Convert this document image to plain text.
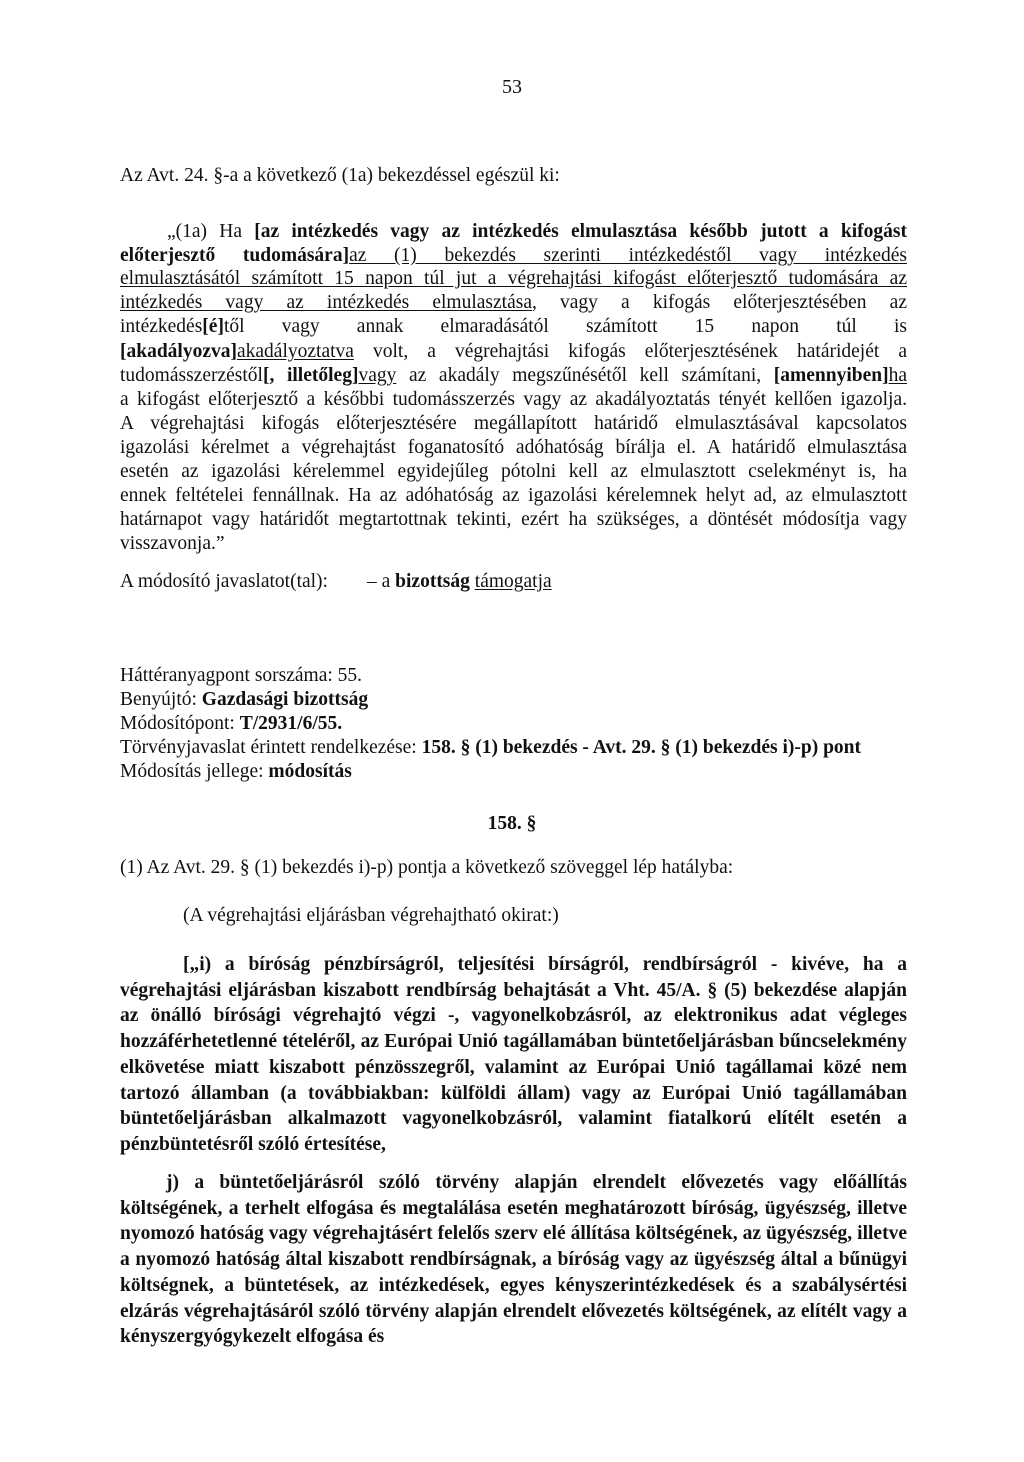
53
Az Avt. 24. §-a a következő (1a) bekezdéssel egészül ki:
„(1a) Ha [az intézkedés vagy az intézkedés elmulasztása később jutott a kifogást
előterjesztő tudomására]az (1) bekezdés szerinti intézkedéstől vagy intézkedés
elmulasztásától számított 15 napon túl jut a végrehajtási kifogást előterjesztő tudomására az
intézkedés vagy az intézkedés elmulasztása, vagy a kifogás előterjesztésében az
intézkedés[é]től vagy annak elmaradásától számított 15 napon túl is
[akadályozva]akadályoztatva volt, a végrehajtási kifogás előterjesztésének határidejét a
tudomásszerzéstől[, illetőleg]vagy az akadály megszűnésétől kell számítani, [amennyiben]ha
a kifogást előterjesztő a későbbi tudomásszerzés vagy az akadályoztatás tényét kellően igazolja.
A végrehajtási kifogás előterjesztésére megállapított határidő elmulasztásával kapcsolatos
igazolási kérelmet a végrehajtást foganatosító adóhatóság bírálja el. A határidő elmulasztása
esetén az igazolási kérelemmel egyidejűleg pótolni kell az elmulasztott cselekményt is, ha
ennek feltételei fennállnak. Ha az adóhatóság az igazolási kérelemnek helyt ad, az elmulasztott
határnapot vagy határidőt megtartottnak tekinti, ezért ha szükséges, a döntését módosítja vagy
visszavonja.”
A módosító javaslatot(tal): – a bizottság támogatja
Háttéranyagpont sorszáma: 55.
Benyújtó: Gazdasági bizottság
Módosítópont: T/2931/6/55.
Törvényjavaslat érintett rendelkezése: 158. § (1) bekezdés - Avt. 29. § (1) bekezdés i)-p) pont
Módosítás jellege: módosítás
158. §
(1) Az Avt. 29. § (1) bekezdés i)-p) pontja a következő szöveggel lép hatályba:
(A végrehajtási eljárásban végrehajtható okirat:)
[„i) a bíróság pénzbírságról, teljesítési bírságról, rendbírságról - kivéve, ha a végrehajtási eljárásban kiszabott rendbírság behajtását a Vht. 45/A. § (5) bekezdése alapján az önálló bírósági végrehajtó végzi -, vagyonelkobzásról, az elektronikus adat végleges hozzáférhetetlenné tételéről, az Európai Unió tagállamában büntetőeljárásban bűncselekmény elkövetése miatt kiszabott pénzösszegről, valamint az Európai Unió tagállamai közé nem tartozó államban (a továbbiakban: külföldi állam) vagy az Európai Unió tagállamában büntetőeljárásban alkalmazott vagyonelkobzásról, valamint fiatalkorú elítélt esetén a pénzbüntetésről szóló értesítése,
j) a büntetőeljárásról szóló törvény alapján elrendelt elővezetés vagy előállítás költségének, a terhelt elfogása és megtalálása esetén meghatározott bíróság, ügyészség, illetve nyomozó hatóság vagy végrehajtásért felelős szerv elé állítása költségének, az ügyészség, illetve a nyomozó hatóság által kiszabott rendbírságnak, a bíróság vagy az ügyészség által a bűnügyi költségnek, a büntetések, az intézkedések, egyes kényszerintézkedések és a szabálysértési elzárás végrehajtásáról szóló törvény alapján elrendelt elővezetés költségének, az elítélt vagy a kényszergyógykezelt elfogása és
